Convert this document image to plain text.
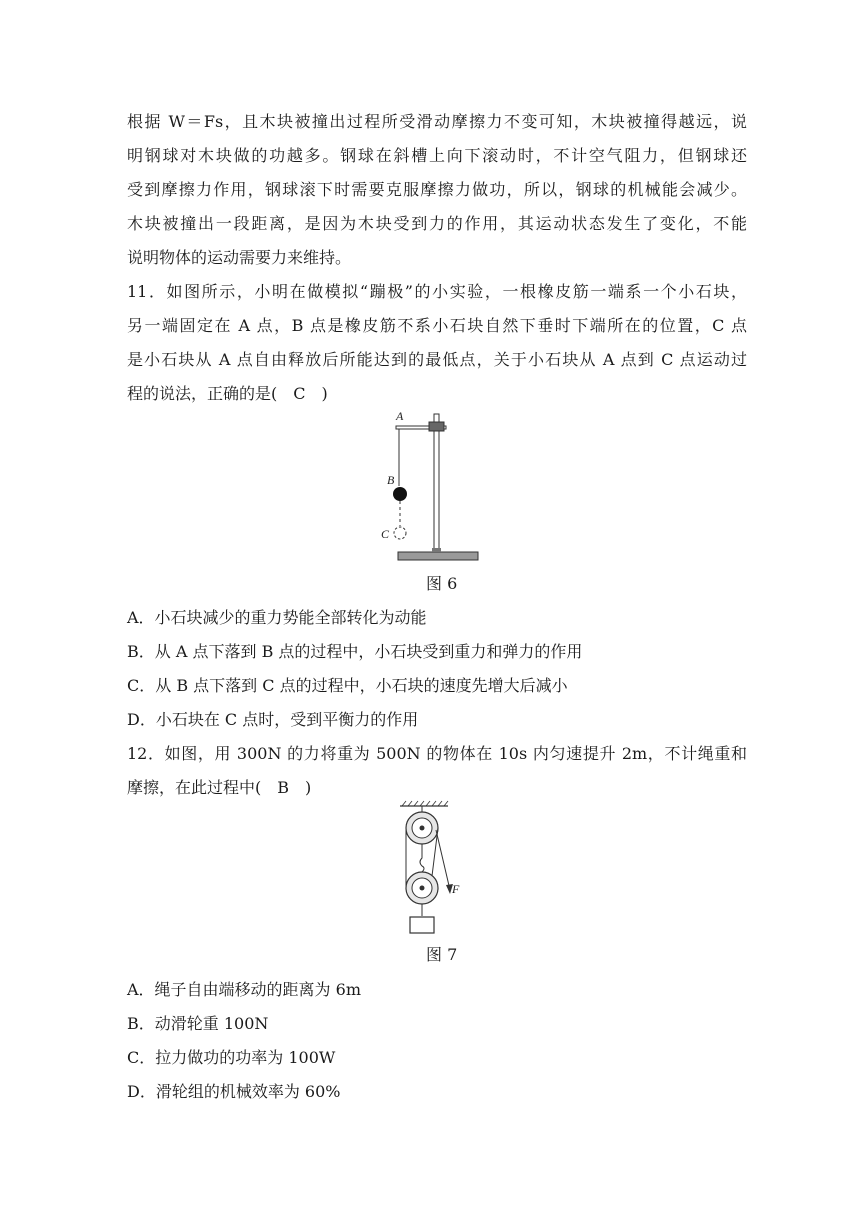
根据 W＝Fs，且木块被撞出过程所受滑动摩擦力不变可知，木块被撞得越远，说
明钢球对木块做的功越多。钢球在斜槽上向下滚动时，不计空气阻力，但钢球还
受到摩擦力作用，钢球滚下时需要克服摩擦力做功，所以，钢球的机械能会减少。
木块被撞出一段距离，是因为木块受到力的作用，其运动状态发生了变化，不能
说明物体的运动需要力来维持。
11．如图所示，小明在做模拟“蹦极”的小实验，一根橡皮筋一端系一个小石块，
另一端固定在 A 点，B 点是橡皮筋不系小石块自然下垂时下端所在的位置，C 点
是小石块从 A 点自由释放后所能达到的最低点，关于小石块从 A 点到 C 点运动过
程的说法，正确的是(　C　)
A
B
C
图 6
A．小石块减少的重力势能全部转化为动能
B．从 A 点下落到 B 点的过程中，小石块受到重力和弹力的作用
C．从 B 点下落到 C 点的过程中，小石块的速度先增大后减小
D．小石块在 C 点时，受到平衡力的作用
12．如图，用 300N 的力将重为 500N 的物体在 10s 内匀速提升 2m，不计绳重和
摩擦，在此过程中(　B　)
F
图 7
A．绳子自由端移动的距离为 6m
B．动滑轮重 100N
C．拉力做功的功率为 100W
D．滑轮组的机械效率为 60%
